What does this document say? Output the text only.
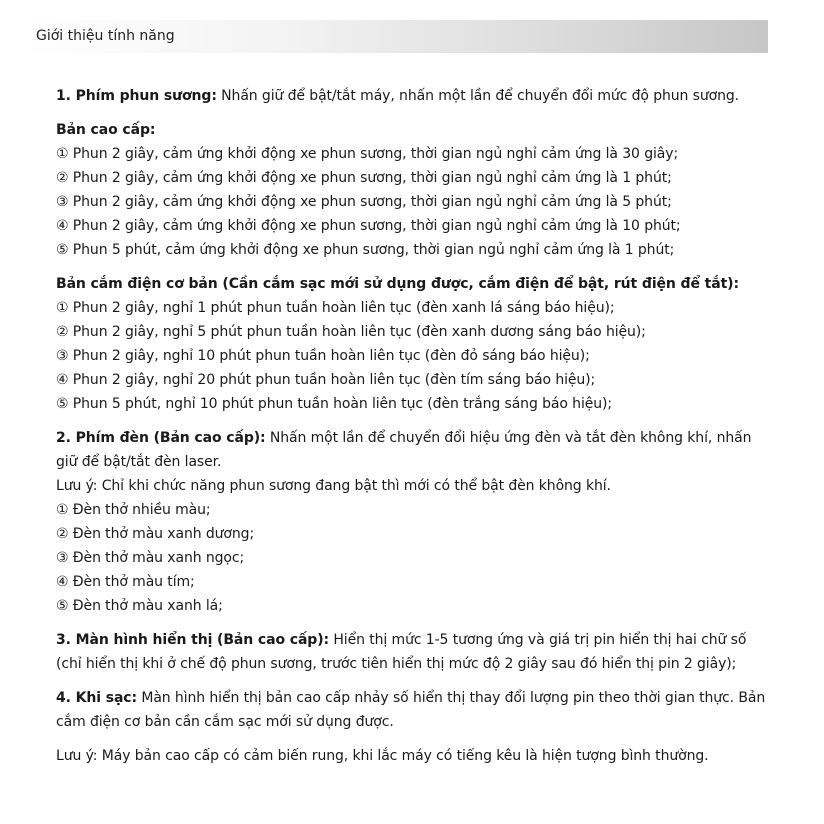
Giới thiệu tính năng

1. Phím phun sương: Nhấn giữ để bật/tắt máy, nhấn một lần để chuyển đổi mức độ phun sương.

Bản cao cấp:

① Phun 2 giây, cảm ứng khởi động xe phun sương, thời gian ngủ nghỉ cảm ứng là 30 giây;

② Phun 2 giây, cảm ứng khởi động xe phun sương, thời gian ngủ nghỉ cảm ứng là 1 phút;

③ Phun 2 giây, cảm ứng khởi động xe phun sương, thời gian ngủ nghỉ cảm ứng là 5 phút;

④ Phun 2 giây, cảm ứng khởi động xe phun sương, thời gian ngủ nghỉ cảm ứng là 10 phút;

⑤ Phun 5 phút, cảm ứng khởi động xe phun sương, thời gian ngủ nghỉ cảm ứng là 1 phút;

Bản cắm điện cơ bản (Cần cắm sạc mới sử dụng được, cắm điện để bật, rút điện để tắt):

① Phun 2 giây, nghỉ 1 phút phun tuần hoàn liên tục (đèn xanh lá sáng báo hiệu);

② Phun 2 giây, nghỉ 5 phút phun tuần hoàn liên tục (đèn xanh dương sáng báo hiệu);

③ Phun 2 giây, nghỉ 10 phút phun tuần hoàn liên tục (đèn đỏ sáng báo hiệu);

④ Phun 2 giây, nghỉ 20 phút phun tuần hoàn liên tục (đèn tím sáng báo hiệu);

⑤ Phun 5 phút, nghỉ 10 phút phun tuần hoàn liên tục (đèn trắng sáng báo hiệu);

2. Phím đèn (Bản cao cấp): Nhấn một lần để chuyển đổi hiệu ứng đèn và tắt đèn không khí, nhấn giữ để bật/tắt đèn laser.

Lưu ý: Chỉ khi chức năng phun sương đang bật thì mới có thể bật đèn không khí.

① Đèn thở nhiều màu;

② Đèn thở màu xanh dương;

③ Đèn thở màu xanh ngọc;

④ Đèn thở màu tím;

⑤ Đèn thở màu xanh lá;

3. Màn hình hiển thị (Bản cao cấp): Hiển thị mức 1-5 tương ứng và giá trị pin hiển thị hai chữ số (chỉ hiển thị khi ở chế độ phun sương, trước tiên hiển thị mức độ 2 giây sau đó hiển thị pin 2 giây);

4. Khi sạc: Màn hình hiển thị bản cao cấp nhảy số hiển thị thay đổi lượng pin theo thời gian thực. Bản cắm điện cơ bản cần cắm sạc mới sử dụng được.

Lưu ý: Máy bản cao cấp có cảm biến rung, khi lắc máy có tiếng kêu là hiện tượng bình thường.
